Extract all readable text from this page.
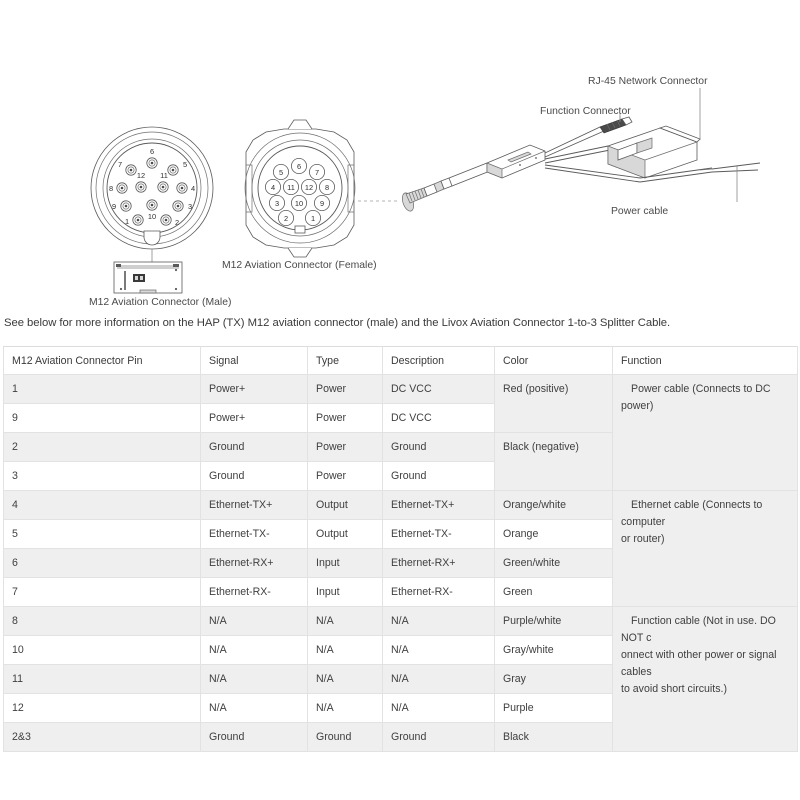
6
7	5
12 11
8	4
9	3
10
1	2
M12 Aviation Connector (Male)
6
5	7
4 11 12 8
3 10 9
2	1
M12 Aviation Connector (Female)
RJ-45 Network Connector
Function Connector
Power cable
See below for more information on the HAP (TX) M12 aviation connector (male) and the Livox Aviation Connector 1-to-3 Splitter Cable.
M12 Aviation Connector Pin	Signal	Type	Description	Color	Function
1	Power+	Power	DC VCC	Red (positive)	Power cable (Connects to DC power)
9	Power+	Power	DC VCC		
2	Ground	Power	Ground	Black (negative)	
3	Ground	Power	Ground		
4	Ethernet-TX+	Output	Ethernet-TX+	Orange/white	Ethernet cable (Connects to computer
or router)

5	Ethernet-TX-	Output	Ethernet-TX-	Orange	
6	Ethernet-RX+	Input	Ethernet-RX+	Green/white	
7	Ethernet-RX-	Input	Ethernet-RX-	Green	
8	N/A	N/A	N/A	Purple/white	Function cable (Not in use. DO NOT c
onnect with other power or signal cables
to avoid short circuits.)

10	N/A	N/A	N/A	Gray/white	
11	N/A	N/A	N/A	Gray	
12	N/A	N/A	N/A	Purple	
2&3	Ground	Ground	Ground	Black	
